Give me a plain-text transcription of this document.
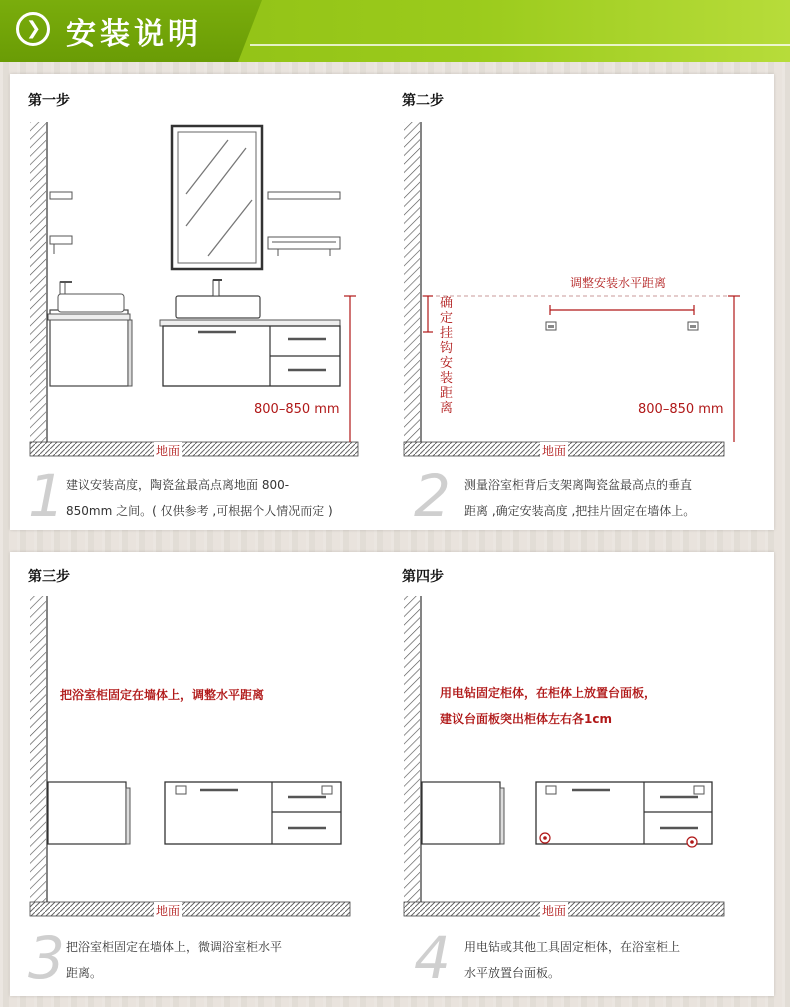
❯ 安装说明
第一步	第二步
地面	地面
800–850 mm	800–850 mm
调整安装水平距离
确定挂钩安装距离
1 建议安装高度，陶瓷盆最高点离地面 800-
850mm 之间。( 仅供参考 ,可根据个人情况而定 )	2 测量浴室柜背后支架离陶瓷盆最高点的垂直
距离 ,确定安装高度 ,把挂片固定在墙体上。
第三步	第四步
把浴室柜固定在墙体上，调整水平距离	用电钻固定柜体，在柜体上放置台面板，
建议台面板突出柜体左右各1cm
地面	地面
3 把浴室柜固定在墙体上，微调浴室柜水平
距离。	4 用电钻或其他工具固定柜体，在浴室柜上
水平放置台面板。
